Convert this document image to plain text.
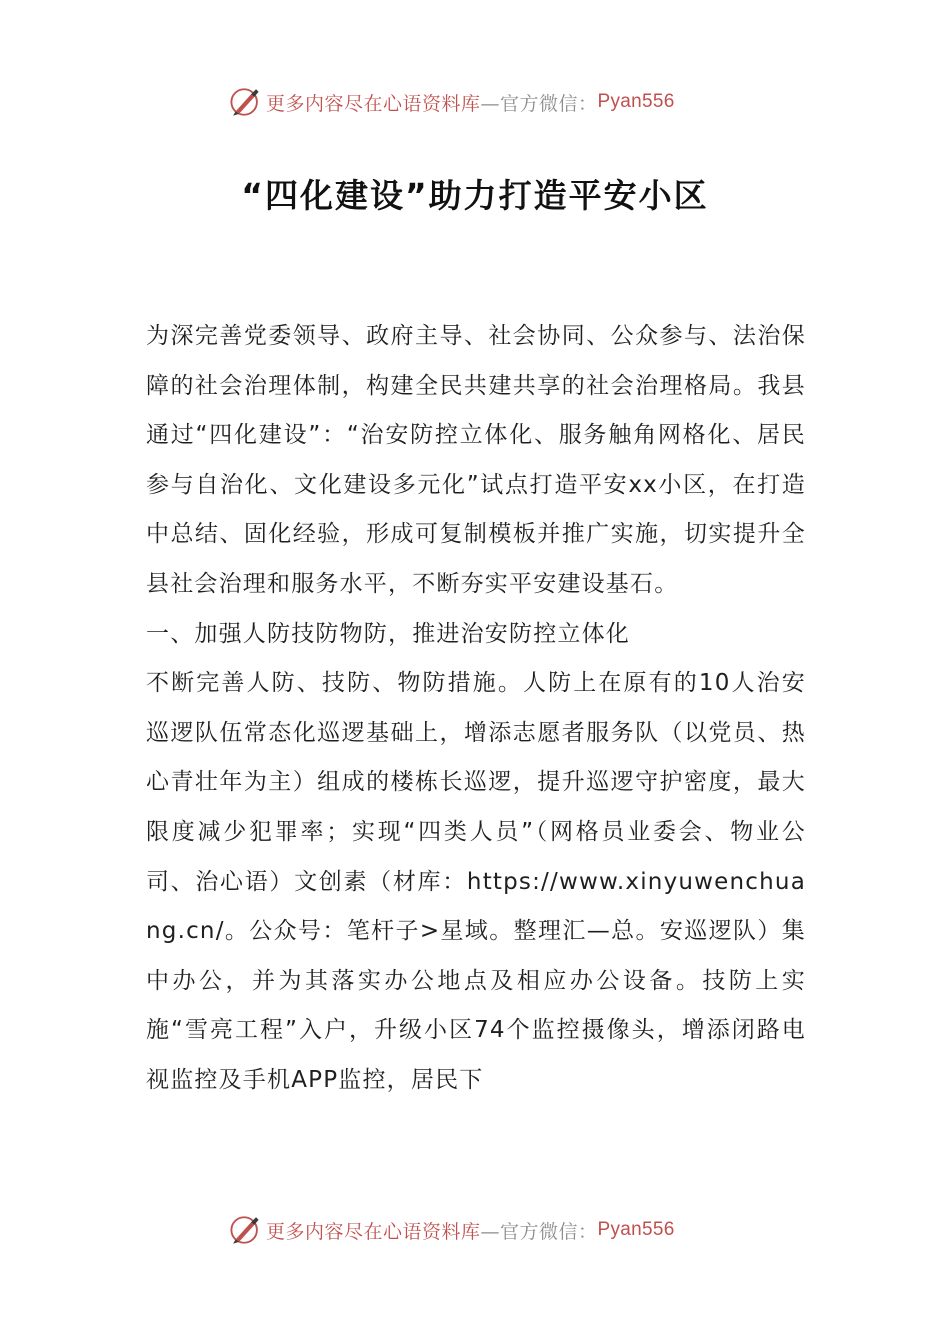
更多内容尽在心语资料库 —官方微信： Pyan556
“四化建设”助力打造平安小区

为深完善党委领导、政府主导、社会协同、公众参与、法治保障的社会治理体制，构建全民共建共享的社会治理格局。我县通过“四化建设”：“治安防控立体化、服务触角网格化、居民参与自治化、文化建设多元化”试点打造平安xx小区，在打造中总结、固化经验，形成可复制模板并推广实施，切实提升全县社会治理和服务水平，不断夯实平安建设基石。

一、加强人防技防物防，推进治安防控立体化

不断完善人防、技防、物防措施。人防上在原有的10人治安巡逻队伍常态化巡逻基础上，增添志愿者服务队（以党员、热心青壮年为主）组成的楼栋长巡逻，提升巡逻守护密度，最大限度减少犯罪率；实现“四类人员”（网格员业委会、物业公司、治心语）文创素（材库：https://www.xinyuwenchuang.cn/。公众号：笔杆子>星域。整理汇—总。安巡逻队）集中办公，并为其落实办公地点及相应办公设备。技防上实施“雪亮工程”入户，升级小区74个监控摄像头，增添闭路电视监控及手机APP监控，居民下

更多内容尽在心语资料库 —官方微信： Pyan556
